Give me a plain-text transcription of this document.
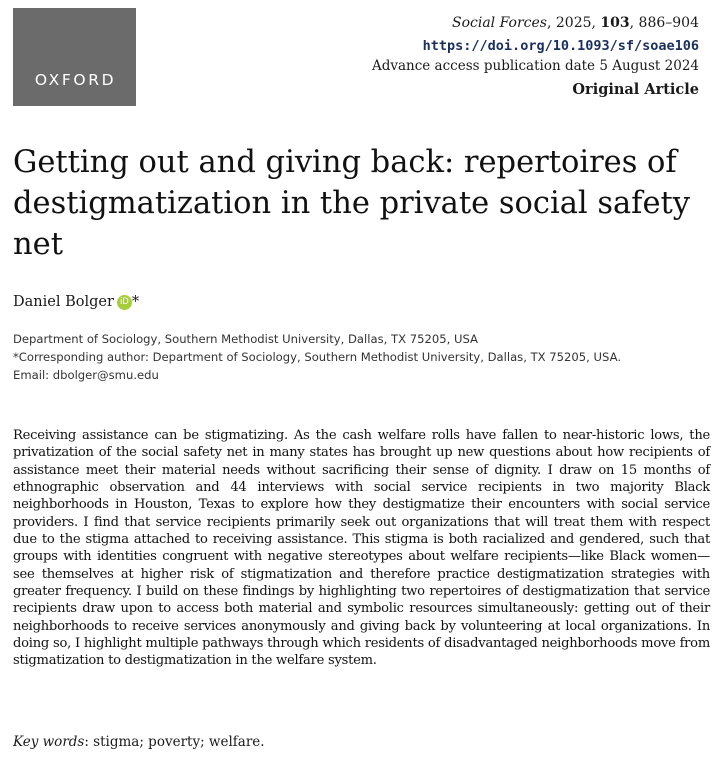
OXFORD
Social Forces, 2025, 103, 886–904
https://doi.org/10.1093/sf/soae106
Advance access publication date 5 August 2024
Original Article
Getting out and giving back: repertoires of destigmatization in the private social safety net
Daniel Bolger iD *
Department of Sociology, Southern Methodist University, Dallas, TX 75205, USA
*Corresponding author: Department of Sociology, Southern Methodist University, Dallas, TX 75205, USA.
Email: dbolger@smu.edu

Receiving assistance can be stigmatizing. As the cash welfare rolls have fallen to near-historic lows, the privatization of the social safety net in many states has brought up new questions about how recipients of assistance meet their material needs without sacrificing their sense of dignity. I draw on 15 months of ethnographic observation and 44 interviews with social service recipients in two majority Black neighborhoods in Houston, Texas to explore how they destigmatize their encounters with social service providers. I find that service recipients primarily seek out organizations that will treat them with respect due to the stigma attached to receiving assistance. This stigma is both racialized and gendered, such that groups with identities congruent with negative stereotypes about welfare recipients—like Black women—see themselves at higher risk of stigmatization and therefore practice destigmatization strategies with greater frequency. I build on these findings by highlighting two repertoires of destigmatization that service recipients draw upon to access both material and symbolic resources simultaneously: getting out of their neighborhoods to receive services anonymously and giving back by volunteering at local organizations. In doing so, I highlight multiple pathways through which residents of disadvantaged neighborhoods move from stigmatization to destigmatization in the welfare system.

Key words: stigma; poverty; welfare.
